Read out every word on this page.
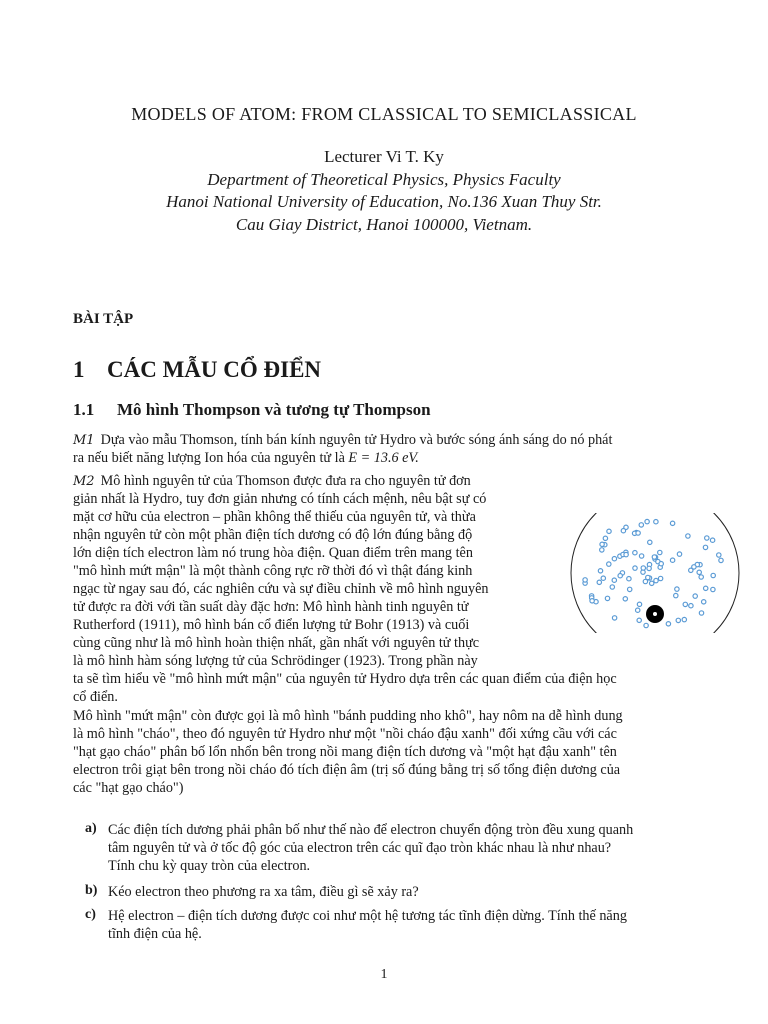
MODELS OF ATOM: FROM CLASSICAL TO SEMICLASSICAL
Lecturer Vi T. Ky
Department of Theoretical Physics, Physics Faculty
Hanoi National University of Education, No.136 Xuan Thuy Str.
Cau Giay District, Hanoi 100000, Vietnam.
BÀI TẬP
1 CÁC MẪU CỔ ĐIỂN
1.1 Mô hình Thompson và tương tự Thompson
M1 Dựa vào mẫu Thomson, tính bán kính nguyên tử Hydro và bước sóng ánh sáng do nó phát
ra nếu biết năng lượng Ion hóa của nguyên tử là E = 13.6 eV.
M2 Mô hình nguyên tử của Thomson được đưa ra cho nguyên tử đơn
giản nhất là Hydro, tuy đơn giản nhưng có tính cách mệnh, nêu bật sự có
mặt cơ hữu của electron – phần không thể thiếu của nguyên tử, và thừa
nhận nguyên tử còn một phần điện tích dương có độ lớn đúng bằng độ
lớn diện tích electron làm nó trung hòa điện. Quan điểm trên mang tên
"mô hình mứt mận" là một thành công rực rỡ thời đó vì thật đáng kinh
ngạc từ ngay sau đó, các nghiên cứu và sự điều chỉnh về mô hình nguyên
tử được ra đời với tần suất dày đặc hơn: Mô hình hành tinh nguyên tử
Rutherford (1911), mô hình bán cổ điển lượng tử Bohr (1913) và cuối
cùng cũng như là mô hình hoàn thiện nhất, gần nhất với nguyên tử thực
là mô hình hàm sóng lượng tử của Schrödinger (1923). Trong phần này
ta sẽ tìm hiểu về "mô hình mứt mận" của nguyên tử Hydro dựa trên các quan điểm của điện học
cổ điển.
Mô hình "mứt mận" còn được gọi là mô hình "bánh pudding nho khô", hay nôm na dễ hình dung
là mô hình "cháo", theo đó nguyên tử Hydro như một "nồi cháo đậu xanh" đối xứng cầu với các
"hạt gạo cháo" phân bố lổn nhổn bên trong nồi mang điện tích dương và "một hạt đậu xanh" tên
electron trôi giạt bên trong nồi cháo đó tích điện âm (trị số đúng bằng trị số tổng điện dương của
các "hạt gạo cháo")
a) Các điện tích dương phải phân bố như thế nào để electron chuyển động tròn đều xung quanh
tâm nguyên tử và ở tốc độ góc của electron trên các quĩ đạo tròn khác nhau là như nhau?
Tính chu kỳ quay tròn của electron.
b) Kéo electron theo phương ra xa tâm, điều gì sẽ xảy ra?
c) Hệ electron – điện tích dương được coi như một hệ tương tác tĩnh điện dừng. Tính thế năng
tĩnh điện của hệ.
1
